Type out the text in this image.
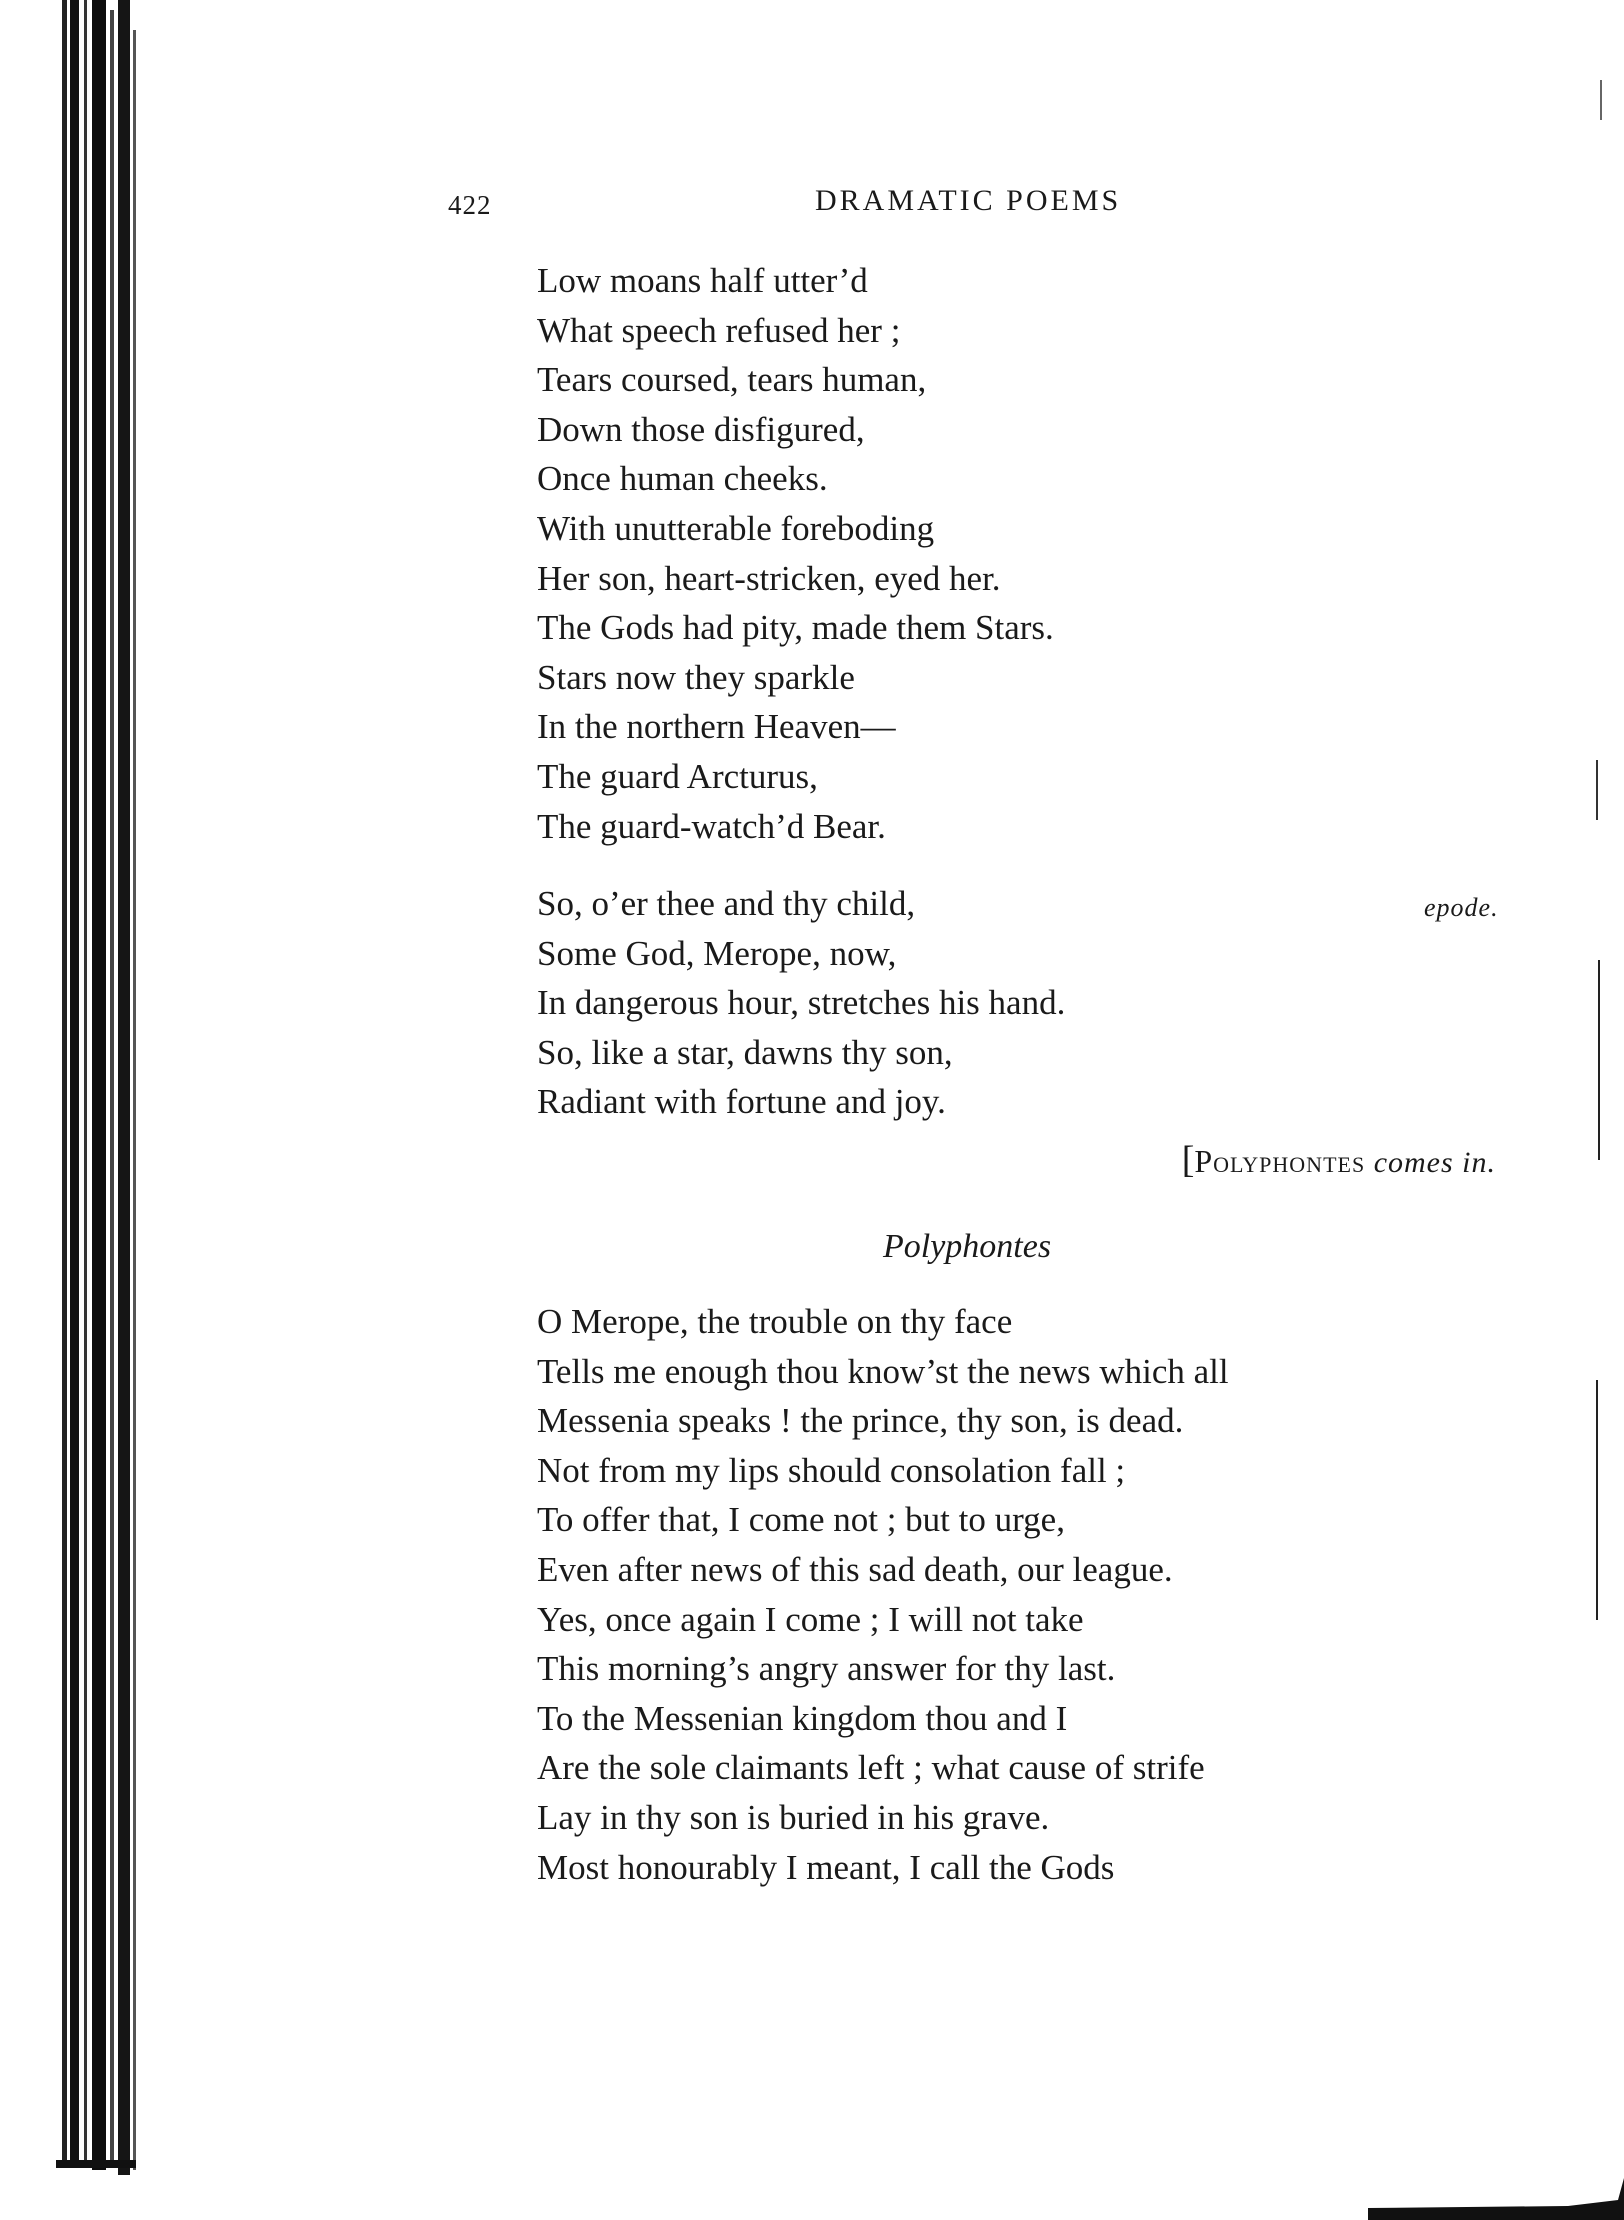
422	DRAMATIC POEMS
Low moans half utter’d
What speech refused her ;
Tears coursed, tears human,
Down those disfigured,
Once human cheeks.
With unutterable foreboding
Her son, heart-stricken, eyed her.
The Gods had pity, made them Stars.
Stars now they sparkle
In the northern Heaven—
The guard Arcturus,
The guard-watch’d Bear.
So, o’er thee and thy child,
Some God, Merope, now,
In dangerous hour, stretches his hand.
So, like a star, dawns thy son,
Radiant with fortune and joy.
epode.
[Polyphontes comes in.
Polyphontes
O Merope, the trouble on thy face
Tells me enough thou know’st the news which all
Messenia speaks ! the prince, thy son, is dead.
Not from my lips should consolation fall ;
To offer that, I come not ; but to urge,
Even after news of this sad death, our league.
Yes, once again I come ; I will not take
This morning’s angry answer for thy last.
To the Messenian kingdom thou and I
Are the sole claimants left ; what cause of strife
Lay in thy son is buried in his grave.
Most honourably I meant, I call the Gods
